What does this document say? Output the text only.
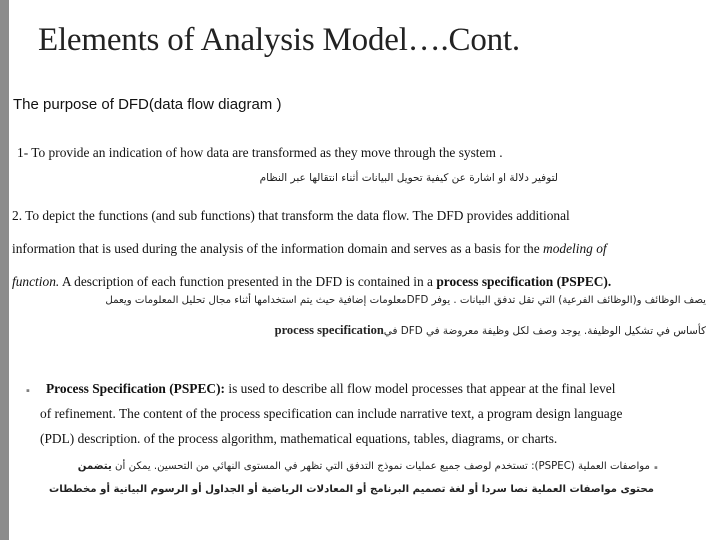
Elements of Analysis Model….Cont.
The purpose of DFD(data flow diagram )
1- To provide an indication of how data are transformed as they move through the system .
لتوفير دلالة او اشارة عن كيفية تحويل البيانات أثناء انتقالها عبر النظام
2. To depict the functions (and sub functions) that transform the data flow. The DFD provides additional
information that is used during the analysis of the information domain and serves as a basis for the modeling of
function. A description of each function presented in the DFD is contained in a process specification (PSPEC).
يصف الوظائف و(الوظائف الفرعية) التي تقل تدفق البيانات . يوفر DFDمعلومات إضافية حيث يتم استخدامها أثناء مجال تحليل المعلومات ويعمل
كأساس في تشكيل الوظيفة. يوجد وصف لكل وظيفة معروضة في DFD فيprocess specification
▪ Process Specification (PSPEC): is used to describe all flow model processes that appear at the final level
of refinement. The content of the process specification can include narrative text, a program design language
(PDL) description. of the process algorithm, mathematical equations, tables, diagrams, or charts.
▪
مواصفات العملية (PSPEC): تستخدم لوصف جميع عمليات نموذج التدفق التي تظهر في المستوى النهائي من التحسين. يمكن أن يتضمن
محتوى مواصفات العملية نصا سردا أو لغة تصميم البرنامج أو المعادلات الرياضية أو الجداول أو الرسوم البيانية أو مخططات
